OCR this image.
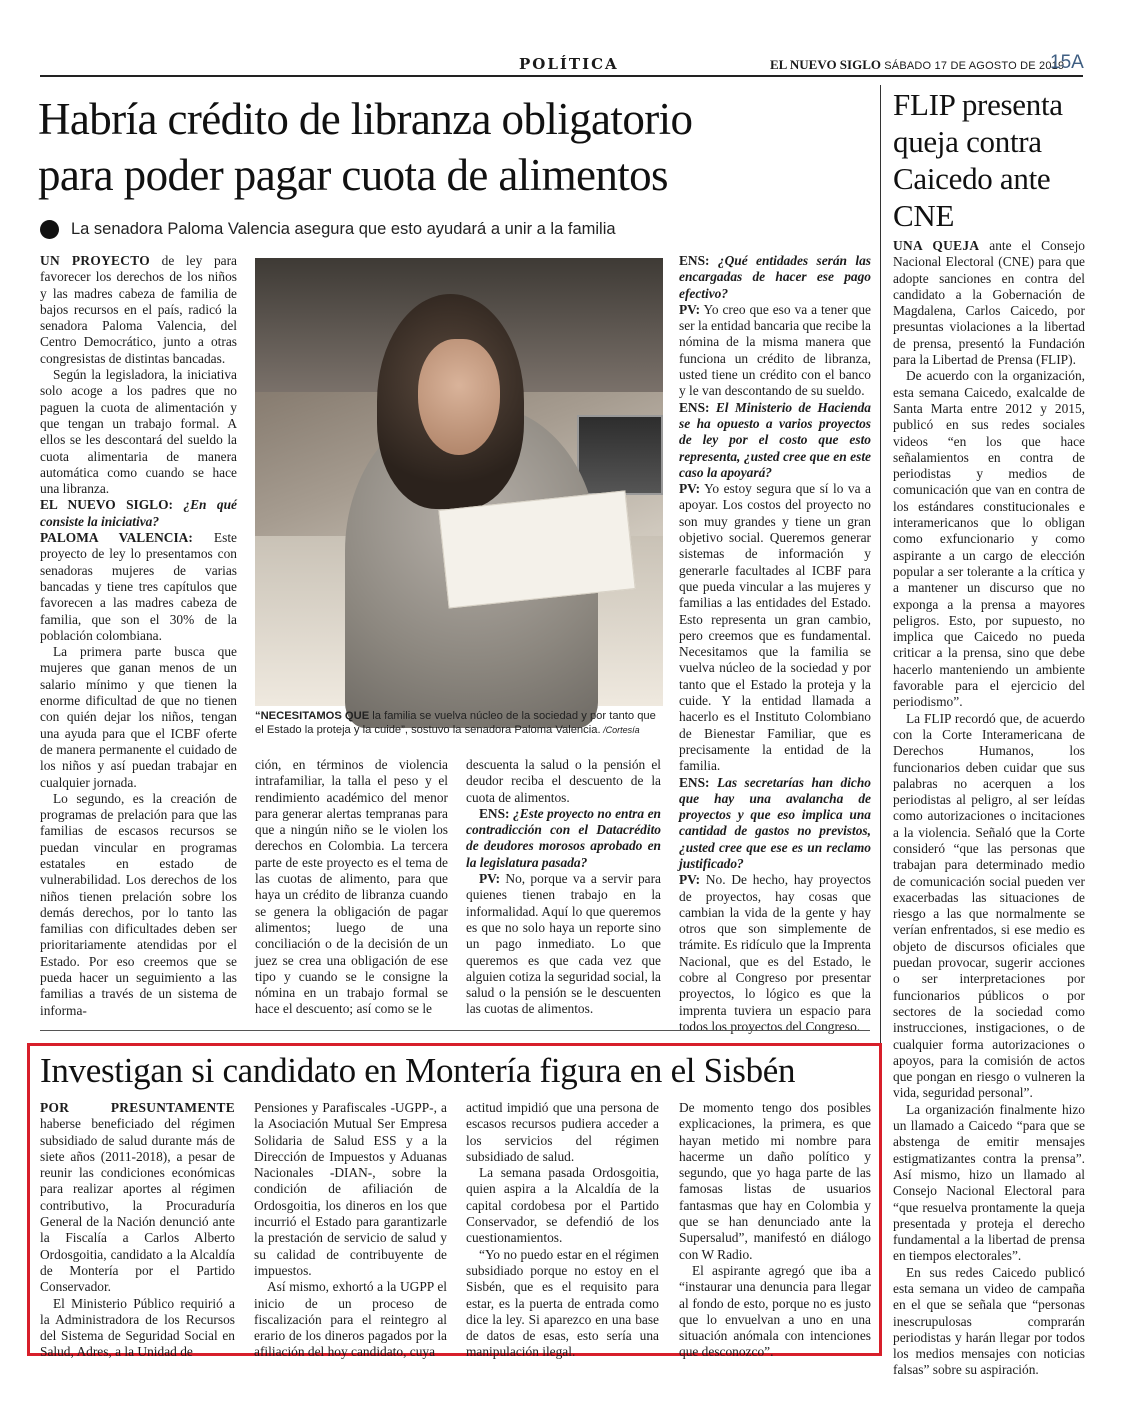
POLÍTICA	EL NUEVO SIGLO SÁBADO 17 DE AGOSTO DE 2019
15A
Habría crédito de libranza obligatorio
para poder pagar cuota de alimentos
La senadora Paloma Valencia asegura que esto ayudará a unir a la familia

UN PROYECTO de ley para favorecer los derechos de los niños y las madres cabeza de familia de bajos recursos en el país, radicó la senadora Paloma Valencia, del Centro Democrático, junto a otras congresistas de distintas bancadas.

Según la legisladora, la iniciativa solo acoge a los padres que no paguen la cuota de alimentación y que tengan un trabajo formal. A ellos se les descontará del sueldo la cuota alimentaria de manera automática como cuando se hace una libranza.

EL NUEVO SIGLO: ¿En qué consiste la iniciativa?

PALOMA VALENCIA: Este proyecto de ley lo presentamos con senadoras mujeres de varias bancadas y tiene tres capítulos que favorecen a las madres cabeza de familia, que son el 30% de la población colombiana.

La primera parte busca que mujeres que ganan menos de un salario mínimo y que tienen la enorme dificultad de que no tienen con quién dejar los niños, tengan una ayuda para que el ICBF oferte de manera permanente el cuidado de los niños y así puedan trabajar en cualquier jornada.

Lo segundo, es la creación de programas de prelación para que las familias de escasos recursos se puedan vincular en programas estatales en estado de vulnerabilidad. Los derechos de los niños tienen prelación sobre los demás derechos, por lo tanto las familias con dificultades deben ser prioritariamente atendidas por el Estado. Por eso creemos que se pueda hacer un seguimiento a las familias a través de un sistema de informa-

“NECESITAMOS QUE la familia se vuelva núcleo de la sociedad y por tanto que el Estado la proteja y la cuide”, sostuvo la senadora Paloma Valencia. /Cortesía

ción, en términos de violencia intrafamiliar, la talla el peso y el rendimiento académico del menor para generar alertas tempranas para que a ningún niño se le violen los derechos en Colombia. La tercera parte de este proyecto es el tema de las cuotas de alimento, para que haya un crédito de libranza cuando se genera la obligación de pagar alimentos; luego de una conciliación o de la decisión de un juez se crea una obligación de ese tipo y cuando se le consigne la nómina en un trabajo formal se hace el descuento; así como se le

descuenta la salud o la pensión el deudor reciba el descuento de la cuota de alimentos.

ENS: ¿Este proyecto no entra en contradicción con el Datacrédito de deudores morosos aprobado en la legislatura pasada?

PV: No, porque va a servir para quienes tienen trabajo en la informalidad. Aquí lo que queremos es que no solo haya un reporte sino un pago inmediato. Lo que queremos es que cada vez que alguien cotiza la seguridad social, la salud o la pensión se le descuenten las cuotas de alimentos.

ENS: ¿Qué entidades serán las encargadas de hacer ese pago efectivo?

PV: Yo creo que eso va a tener que ser la entidad bancaria que recibe la nómina de la misma manera que funciona un crédito de libranza, usted tiene un crédito con el banco y le van descontando de su sueldo.

ENS: El Ministerio de Hacienda se ha opuesto a varios proyectos de ley por el costo que esto representa, ¿usted cree que en este caso la apoyará?

PV: Yo estoy segura que sí lo va a apoyar. Los costos del proyecto no son muy grandes y tiene un gran objetivo social. Queremos generar sistemas de información y generarle facultades al ICBF para que pueda vincular a las mujeres y familias a las entidades del Estado. Esto representa un gran cambio, pero creemos que es fundamental. Necesitamos que la familia se vuelva núcleo de la sociedad y por tanto que el Estado la proteja y la cuide. Y la entidad llamada a hacerlo es el Instituto Colombiano de Bienestar Familiar, que es precisamente la entidad de la familia.

ENS: Las secretarías han dicho que hay una avalancha de proyectos y que eso implica una cantidad de gastos no previstos, ¿usted cree que ese es un reclamo justificado?

PV: No. De hecho, hay proyectos de proyectos, hay cosas que cambian la vida de la gente y hay otros que son simplemente de trámite. Es ridículo que la Imprenta Nacional, que es del Estado, le cobre al Congreso por presentar proyectos, lo lógico es que la imprenta tuviera un espacio para todos los proyectos del Congreso.

FLIP presenta queja contra Caicedo ante CNE

UNA QUEJA ante el Consejo Nacional Electoral (CNE) para que adopte sanciones en contra del candidato a la Gobernación de Magdalena, Carlos Caicedo, por presuntas violaciones a la libertad de prensa, presentó la Fundación para la Libertad de Prensa (FLIP).

De acuerdo con la organización, esta semana Caicedo, exalcalde de Santa Marta entre 2012 y 2015, publicó en sus redes sociales videos “en los que hace señalamientos en contra de periodistas y medios de comunicación que van en contra de los estándares constitucionales e interamericanos que lo obligan como exfuncionario y como aspirante a un cargo de elección popular a ser tolerante a la crítica y a mantener un discurso que no exponga a la prensa a mayores peligros. Esto, por supuesto, no implica que Caicedo no pueda criticar a la prensa, sino que debe hacerlo manteniendo un ambiente favorable para el ejercicio del periodismo”.

La FLIP recordó que, de acuerdo con la Corte Interamericana de Derechos Humanos, los funcionarios deben cuidar que sus palabras no acerquen a los periodistas al peligro, al ser leídas como autorizaciones o incitaciones a la violencia. Señaló que la Corte consideró “que las personas que trabajan para determinado medio de comunicación social pueden ver exacerbadas las situaciones de riesgo a las que normalmente se verían enfrentados, si ese medio es objeto de discursos oficiales que puedan provocar, sugerir acciones o ser interpretaciones por funcionarios públicos o por sectores de la sociedad como instrucciones, instigaciones, o de cualquier forma autorizaciones o apoyos, para la comisión de actos que pongan en riesgo o vulneren la vida, seguridad personal”.

La organización finalmente hizo un llamado a Caicedo “para que se abstenga de emitir mensajes estigmatizantes contra la prensa”. Así mismo, hizo un llamado al Consejo Nacional Electoral para “que resuelva prontamente la queja presentada y proteja el derecho fundamental a la libertad de prensa en tiempos electorales”.

En sus redes Caicedo publicó esta semana un video de campaña en el que se señala que “personas inescrupulosas comprarán periodistas y harán llegar por todos los medios mensajes con noticias falsas” sobre su aspiración.

Investigan si candidato en Montería figura en el Sisbén

POR PRESUNTAMENTE haberse beneficiado del régimen subsidiado de salud durante más de siete años (2011-2018), a pesar de reunir las condiciones económicas para realizar aportes al régimen contributivo, la Procuraduría General de la Nación denunció ante la Fiscalía a Carlos Alberto Ordosgoitia, candidato a la Alcaldía de Montería por el Partido Conservador.

El Ministerio Público requirió a la Administradora de los Recursos del Sistema de Seguridad Social en Salud, Adres, a la Unidad de

Pensiones y Parafiscales -UGPP-, a la Asociación Mutual Ser Empresa Solidaria de Salud ESS y a la Dirección de Impuestos y Aduanas Nacionales -DIAN-, sobre la condición de afiliación de Ordosgoitia, los dineros en los que incurrió el Estado para garantizarle la prestación de servicio de salud y su calidad de contribuyente de impuestos.

Así mismo, exhortó a la UGPP el inicio de un proceso de fiscalización para el reintegro al erario de los dineros pagados por la afiliación del hoy candidato, cuya

actitud impidió que una persona de escasos recursos pudiera acceder a los servicios del régimen subsidiado de salud.

La semana pasada Ordosgoitia, quien aspira a la Alcaldía de la capital cordobesa por el Partido Conservador, se defendió de los cuestionamientos.

“Yo no puedo estar en el régimen subsidiado porque no estoy en el Sisbén, que es el requisito para estar, es la puerta de entrada como dice la ley. Si aparezco en una base de datos de esas, esto sería una manipulación ilegal.

De momento tengo dos posibles explicaciones, la primera, es que hayan metido mi nombre para hacerme un daño político y segundo, que yo haga parte de las famosas listas de usuarios fantasmas que hay en Colombia y que se han denunciado ante la Supersalud”, manifestó en diálogo con W Radio.

El aspirante agregó que iba a “instaurar una denuncia para llegar al fondo de esto, porque no es justo que lo envuelvan a uno en una situación anómala con intenciones que desconozco”.
